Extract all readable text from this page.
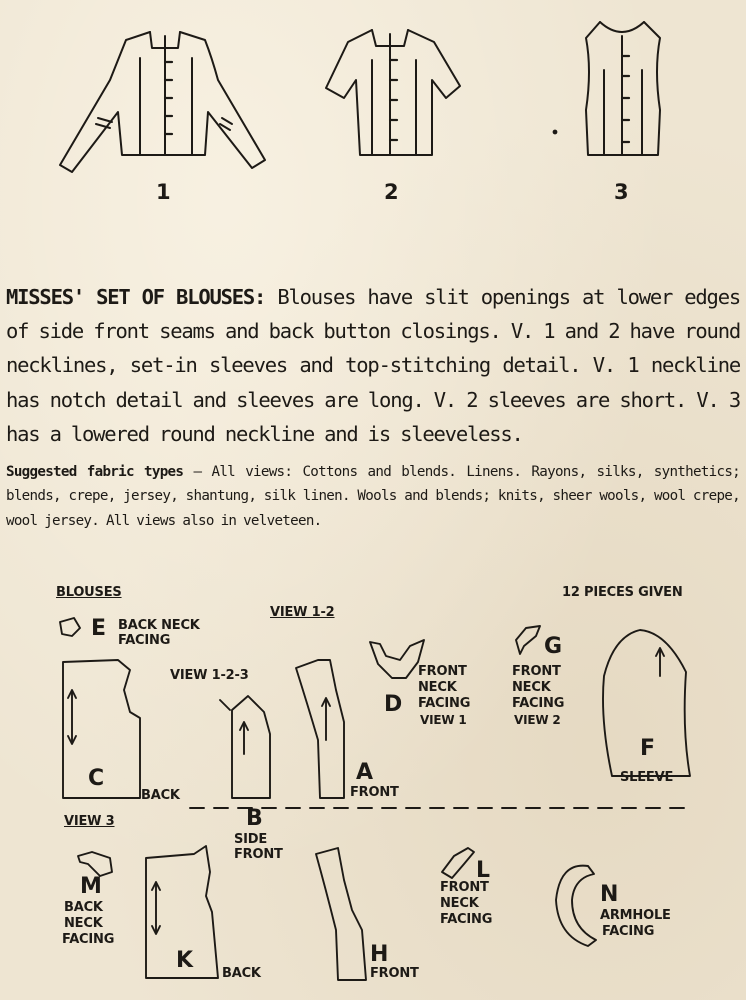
1	2	3
MISSES' SET OF BLOUSES: Blouses have slit openings at lower edges of side front seams and back button closings. V. 1 and 2 have round necklines, set-in sleeves and top-stitching detail. V. 1 neckline has notch detail and sleeves are long. V. 2 sleeves are short. V. 3 has a lowered round neckline and is sleeveless.
Suggested fabric types — All views: Cottons and blends. Linens. Rayons, silks, synthetics; blends, crepe, jersey, shantung, silk linen. Wools and blends; knits, sheer wools, wool crepe, wool jersey. All views also in velveteen.
BLOUSES	12 PIECES GIVEN
VIEW 1-2
E BACK NECK
FACING
VIEW 1-2-3
C
BACK
B
SIDE
FRONT
A
FRONT
D
FRONT
NECK
FACING
VIEW 1
G
FRONT
NECK
FACING
VIEW 2
F
SLEEVE
VIEW 3
M
BACK
NECK
FACING
K
BACK
H
FRONT
L
FRONT
NECK
FACING
N
ARMHOLE
FACING
